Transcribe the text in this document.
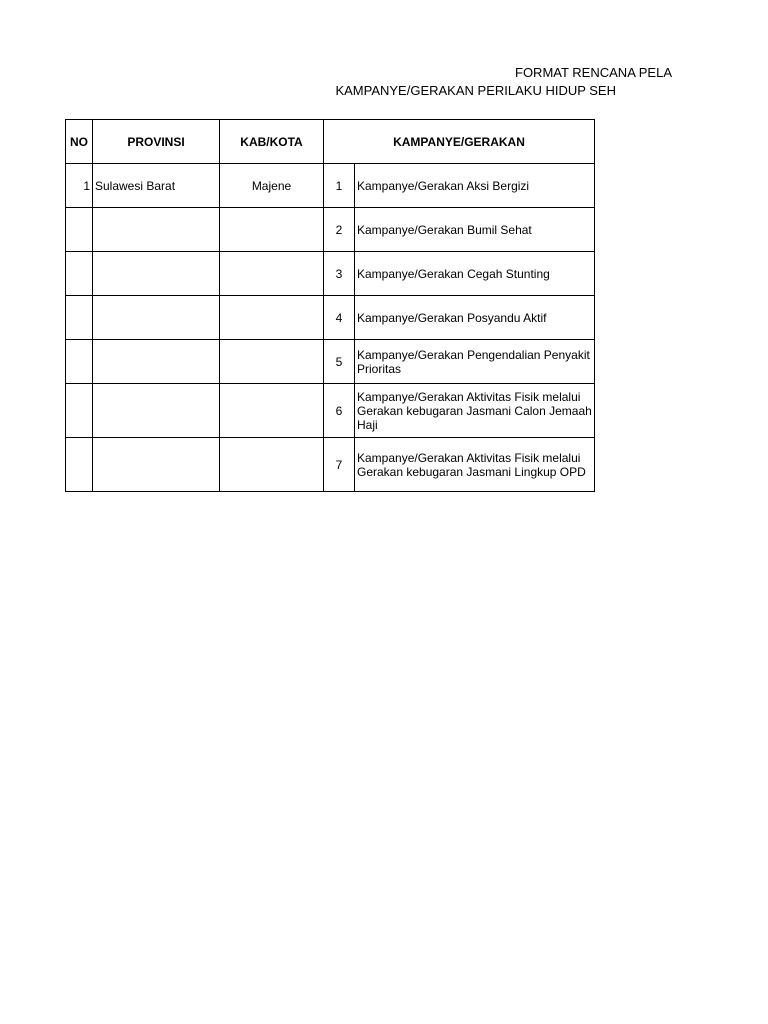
FORMAT RENCANA PELA
KAMPANYE/GERAKAN PERILAKU HIDUP SEH
NO	PROVINSI	KAB/KOTA	KAMPANYE/GERAKAN	
1	Sulawesi Barat	Majene	1	Kampanye/Gerakan Aksi Bergizi
			2	Kampanye/Gerakan Bumil Sehat
			3	Kampanye/Gerakan Cegah Stunting
			4	Kampanye/Gerakan Posyandu Aktif
			5	Kampanye/Gerakan Pengendalian Penyakit Prioritas
			6	Kampanye/Gerakan Aktivitas Fisik melalui Gerakan kebugaran Jasmani Calon Jemaah Haji
			7	Kampanye/Gerakan Aktivitas Fisik melalui Gerakan kebugaran Jasmani Lingkup OPD
